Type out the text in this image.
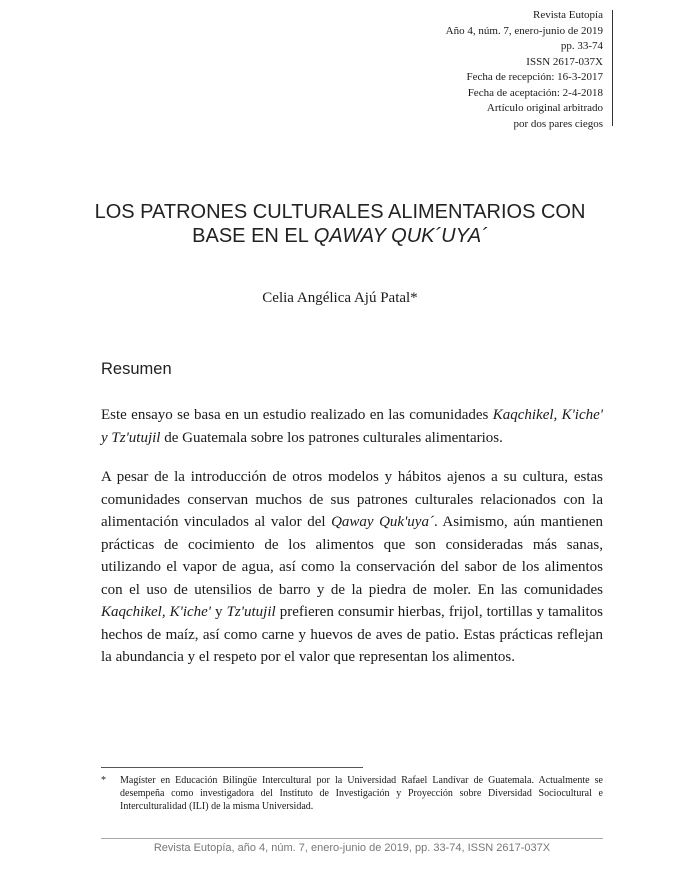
Revista Eutopía
Año 4, núm. 7, enero-junio de 2019
pp. 33-74
ISSN 2617-037X
Fecha de recepción: 16-3-2017
Fecha de aceptación: 2-4-2018
Artículo original arbitrado
por dos pares ciegos
LOS PATRONES CULTURALES ALIMENTARIOS CON
BASE EN EL QAWAY QUK´UYA´
Celia Angélica Ajú Patal*
Resumen

Este ensayo se basa en un estudio realizado en las comunidades Kaqchikel, K'iche' y Tz'utujil de Guatemala sobre los patrones culturales alimentarios.

A pesar de la introducción de otros modelos y hábitos ajenos a su cultura, estas comunidades conservan muchos de sus patrones culturales relacionados con la alimentación vinculados al valor del Qaway Quk'uya´. Asimismo, aún mantienen prácticas de cocimiento de los alimentos que son consideradas más sanas, utilizando el vapor de agua, así como la conservación del sabor de los alimentos con el uso de utensilios de barro y de la piedra de moler. En las comunidades Kaqchikel, K'iche' y Tz'utujil prefieren consumir hierbas, frijol, tortillas y tamalitos hechos de maíz, así como carne y huevos de aves de patio. Estas prácticas reflejan la abundancia y el respeto por el valor que representan los alimentos.

* Magíster en Educación Bilingüe Intercultural por la Universidad Rafael Landívar de Guatemala. Actualmente se desempeña como investigadora del Instituto de Investigación y Proyección sobre Diversidad Sociocultural e Interculturalidad (ILI) de la misma Universidad.
Revista Eutopía, año 4, núm. 7, enero-junio de 2019, pp. 33-74, ISSN 2617-037X
